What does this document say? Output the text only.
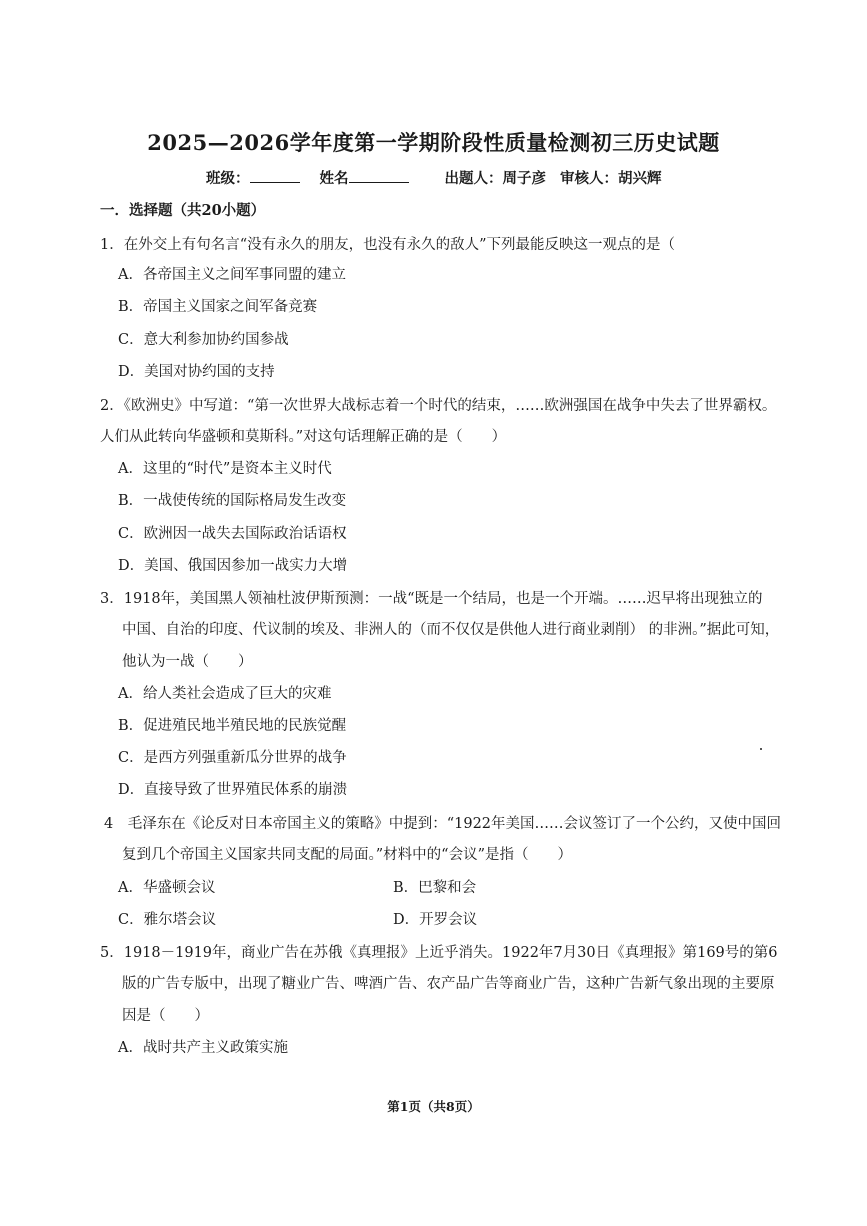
2025—2026学年度第一学期阶段性质量检测初三历史试题
班级：	姓名	出题人：周子彦 审核人：胡兴辉
一．选择题（共20小题）
1．在外交上有句名言“没有永久的朋友，也没有永久的敌人”下列最能反映这一观点的是（
A．各帝国主义之间军事同盟的建立
B．帝国主义国家之间军备竞赛
C．意大利参加协约国参战
D．美国对协约国的支持
2．《欧洲史》中写道：“第一次世界大战标志着一个时代的结束，……欧洲强国在战争中失去了世界霸权。
人们从此转向华盛顿和莫斯科。”对这句话理解正确的是（　　）
A．这里的“时代”是资本主义时代
B．一战使传统的国际格局发生改变
C．欧洲因一战失去国际政治话语权
D．美国、俄国因参加一战实力大增
3．1918年，美国黑人领袖杜波伊斯预测：一战“既是一个结局，也是一个开端。……迟早将出现独立的
中国、自治的印度、代议制的埃及、非洲人的（而不仅仅是供他人进行商业剥削） 的非洲。”据此可知，
他认为一战（　　）
A．给人类社会造成了巨大的灾难
B．促进殖民地半殖民地的民族觉醒
C．是西方列强重新瓜分世界的战争
D．直接导致了世界殖民体系的崩溃
4　毛泽东在《论反对日本帝国主义的策略》中提到：“1922年美国……会议签订了一个公约，又使中国回
复到几个帝国主义国家共同支配的局面。”材料中的“会议”是指（　　）
A．华盛顿会议	B．巴黎和会
C．雅尔塔会议	D．开罗会议
5．1918－1919年，商业广告在苏俄《真理报》上近乎消失。1922年7月30日《真理报》第169号的第6
版的广告专版中，出现了糖业广告、啤酒广告、农产品广告等商业广告，这种广告新气象出现的主要原
因是（　　）
A．战时共产主义政策实施
第1页（共8页）
